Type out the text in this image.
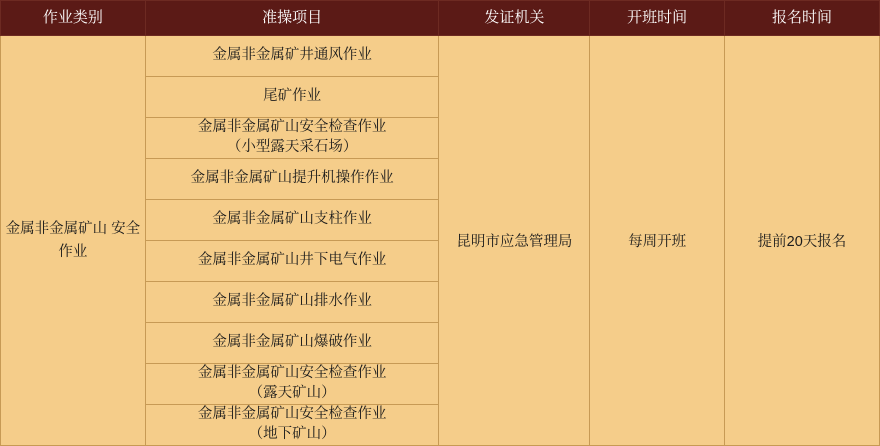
作业类别	准操项目	发证机关	开班时间	报名时间
金属非金属矿山 安全作业	金属非金属矿井通风作业	昆明市应急管理局	每周开班	提前20天报名

	尾矿作业			

	金属非金属矿山安全检查作业
（小型露天采石场）			

	金属非金属矿山提升机操作作业			

	金属非金属矿山支柱作业			

	金属非金属矿山井下电气作业			

	金属非金属矿山排水作业			

	金属非金属矿山爆破作业			

	金属非金属矿山安全检查作业
（露天矿山）			

	金属非金属矿山安全检查作业
（地下矿山）			
